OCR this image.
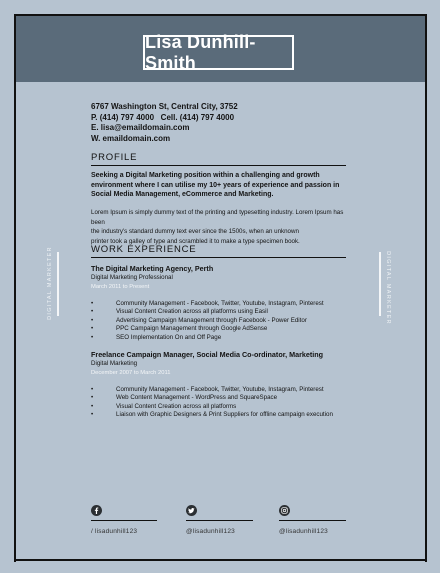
Lisa Dunhill-Smith
6767 Washington St, Central City, 3752
P. (414) 797 4000   Cell. (414) 797 4000
E. lisa@emaildomain.com
W. emaildomain.com
PROFILE
Seeking a Digital Marketing position within a challenging and growth environment where I can utilise my 10+ years of experience and passion in Social Media Management, eCommerce and Marketing.
Lorem Ipsum is simply dummy text of the printing and typesetting industry. Lorem Ipsum has been
the industry's standard dummy text ever since the 1500s, when an unknown
printer took a galley of type and scrambled it to make a type specimen book.
WORK EXPERIENCE
The Digital Marketing Agency, Perth
Digital Marketing Professional
March 2011 to Present
• Community Management - Facebook, Twitter, Youtube, Instagram, Pinterest
• Visual Content Creation across all platforms using Easil
• Advertising Campaign Management through Facebook - Power Editor
• PPC Campaign Management through Google AdSense
• SEO Implementation On and Off Page
Freelance Campaign Manager, Social Media Co-ordinator, Marketing
Digital Marketing
December 2007 to March 2011
• Community Management - Facebook, Twitter, Youtube, Instagram, Pinterest
• Web Content Management - WordPress and SquareSpace
• Visual Content Creation across all platforms
• Liaison with Graphic Designers & Print Suppliers for offline campaign execution
DIGITAL MARKETER	DIGITAL MARKETER
/ lisadunhill123	@lisadunhill123	@lisadunhill123
